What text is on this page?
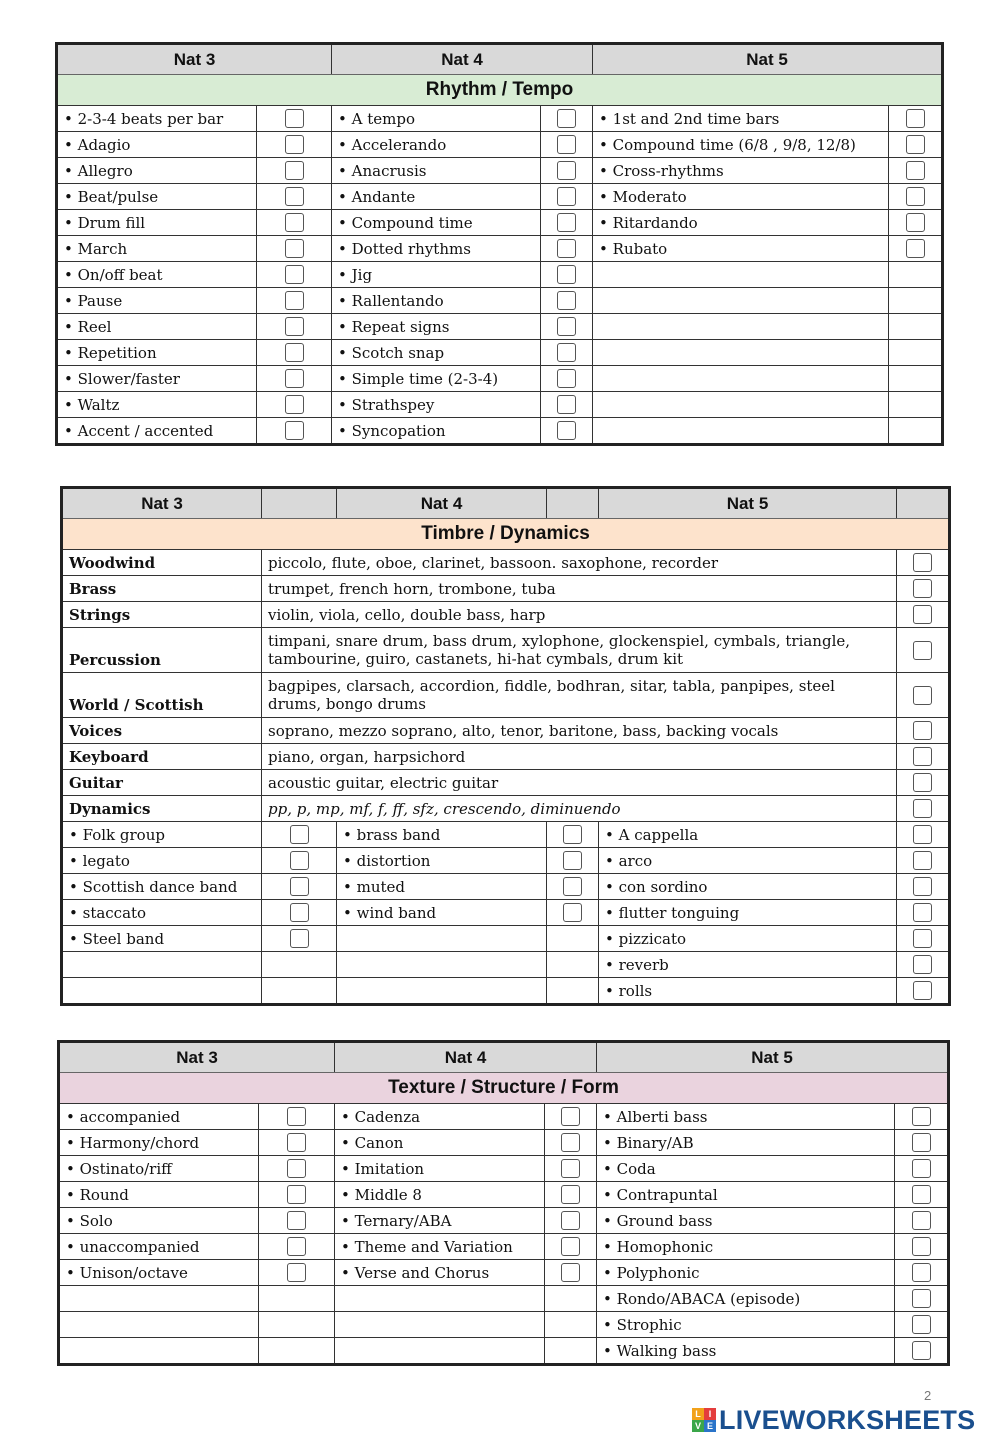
Nat 3		Nat 4		Nat 5	
Rhythm / Tempo					
• 2-3-4 beats per bar		• A tempo		• 1st and 2nd time bars	
• Adagio		• Accelerando		• Compound time (6/8 , 9/8, 12/8)	
• Allegro		• Anacrusis		• Cross-rhythms	
• Beat/pulse		• Andante		• Moderato	
• Drum fill		• Compound time		• Ritardando	
• March		• Dotted rhythms		• Rubato	
• On/off beat		• Jig			
• Pause		• Rallentando			
• Reel		• Repeat signs			
• Repetition		• Scotch snap			
• Slower/faster		• Simple time (2-3-4)			
• Waltz		• Strathspey			
• Accent / accented		• Syncopation			
Nat 3		Nat 4		Nat 5	
Timbre / Dynamics					
Woodwind	piccolo, flute, oboe, clarinet, bassoon. saxophone, recorder				
Brass	trumpet, french horn, trombone, tuba				
Strings	violin, viola, cello, double bass, harp				
Percussion	timpani, snare drum, bass drum, xylophone, glockenspiel, cymbals, triangle, tambourine, guiro, castanets, hi-hat cymbals, drum kit				
World / Scottish	bagpipes, clarsach, accordion, fiddle, bodhran, sitar, tabla, panpipes, steel drums, bongo drums				
Voices	soprano, mezzo soprano, alto, tenor, baritone, bass, backing vocals				
Keyboard	piano, organ, harpsichord				
Guitar	acoustic guitar, electric guitar				
Dynamics	pp, p, mp, mf, f, ff, sfz, crescendo, diminuendo				
• Folk group		• brass band		• A cappella	
• legato		• distortion		• arco	
• Scottish dance band		• muted		• con sordino	
• staccato		• wind band		• flutter tonguing	
• Steel band				• pizzicato	
				• reverb	
				• rolls	
Nat 3		Nat 4		Nat 5	
Texture / Structure / Form					
• accompanied		• Cadenza		• Alberti bass	
• Harmony/chord		• Canon		• Binary/AB	
• Ostinato/riff		• Imitation		• Coda	
• Round		• Middle 8		• Contrapuntal	
• Solo		• Ternary/ABA		• Ground bass	
• unaccompanied		• Theme and Variation		• Homophonic	
• Unison/octave		• Verse and Chorus		• Polyphonic	
				• Rondo/ABACA (episode)	
				• Strophic	
				• Walking bass	
2
L I
V E LIVEWORKSHEETS
